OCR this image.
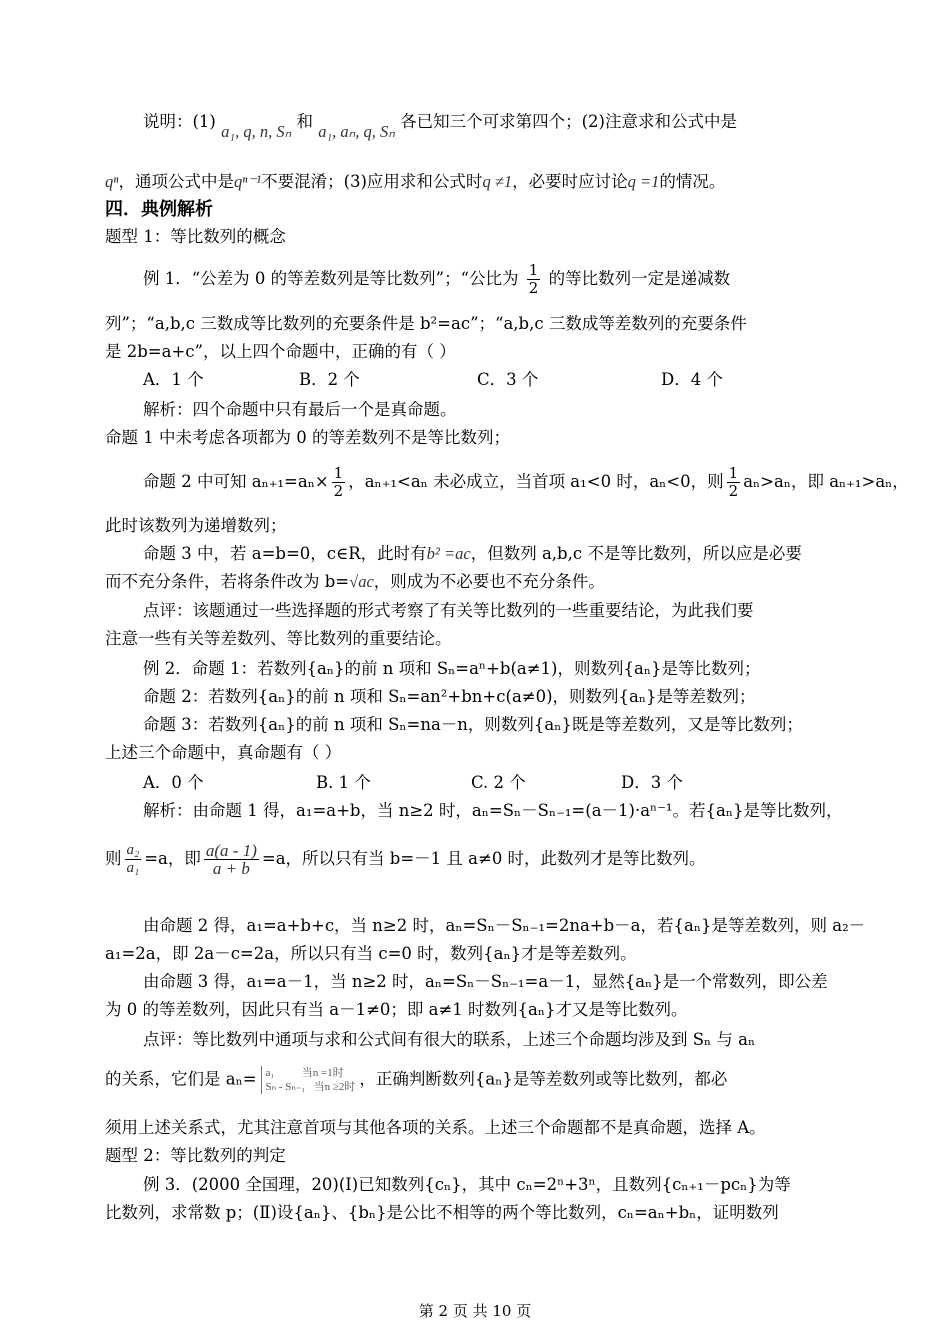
说明：(1) a₁, q, n, Sₙ 和 a₁, aₙ, q, Sₙ 各已知三个可求第四个；(2)注意求和公式中是
qⁿ，通项公式中是qⁿ⁻¹不要混淆；(3)应用求和公式时q ≠1，必要时应讨论q =1的情况。
四．典例解析
题型 1：等比数列的概念
例 1．“公差为 0 的等差数列是等比数列”；“公比为 $\frac{1}{2}$ 的等比数列一定是递减数
列”；“a,b,c 三数成等比数列的充要条件是 b²=ac”；“a,b,c 三数成等差数列的充要条件
是 2b=a+c”，以上四个命题中，正确的有（ ）
A．1 个	B．2 个	C．3 个	D．4 个
解析：四个命题中只有最后一个是真命题。
命题 1 中未考虑各项都为 0 的等差数列不是等比数列；
命题 2 中可知 $a_{n+1}=a_n\times \frac{1}{2}$ ，aₙ₊₁<aₙ 未必成立，当首项 a₁<0 时，aₙ<0，则 $\frac{1}{2} a_n>a_n$，即 aₙ₊₁>aₙ，
此时该数列为递增数列；
命题 3 中，若 a=b=0，c∈R，此时有b² =ac，但数列 a,b,c 不是等比数列，所以应是必要
而不充分条件，若将条件改为 b=√ac，则成为不必要也不充分条件。
点评：该题通过一些选择题的形式考察了有关等比数列的一些重要结论，为此我们要
注意一些有关等差数列、等比数列的重要结论。
例 2．命题 1：若数列{aₙ}的前 n 项和 Sₙ=aⁿ+b(a≠1)，则数列{aₙ}是等比数列；
命题 2：若数列{aₙ}的前 n 项和 Sₙ=an²+bn+c(a≠0)，则数列{aₙ}是等差数列；
命题 3：若数列{aₙ}的前 n 项和 Sₙ=na－n，则数列{aₙ}既是等差数列，又是等比数列；
上述三个命题中，真命题有（ ）
A．0 个	B. 1 个	C. 2 个	D．3 个
解析：由命题 1 得，a₁=a+b，当 n≥2 时，aₙ=Sₙ－Sₙ₋₁=(a－1)·aⁿ⁻¹。若{aₙ}是等比数列，
则 $\frac{\text{a₂}}{\text{a₁}} =a$，即 $\frac{a(a - 1)}{a + b} =a$，所以只有当 b=－1 且 a≠0 时，此数列才是等比数列。
由命题 2 得，a₁=a+b+c，当 n≥2 时，aₙ=Sₙ－Sₙ₋₁=2na+b－a，若{aₙ}是等差数列，则 a₂－
a₁=2a，即 2a－c=2a，所以只有当 c=0 时，数列{aₙ}才是等差数列。
由命题 3 得，a₁=a－1，当 n≥2 时，aₙ=Sₙ－Sₙ₋₁=a－1，显然{aₙ}是一个常数列，即公差
为 0 的等差数列，因此只有当 a－1≠0；即 a≠1 时数列{aₙ}才又是等比数列。
点评：等比数列中通项与求和公式间有很大的联系，上述三个命题均涉及到 Sₙ 与 aₙ
的关系，它们是 aₙ= a₁          当n =1时
Sₙ - Sₙ₋₁   当n ≥2时 ，正确判断数列{aₙ}是等差数列或等比数列，都必
须用上述关系式，尤其注意首项与其他各项的关系。上述三个命题都不是真命题，选择 A。
题型 2：等比数列的判定
例 3．(2000 全国理，20)(Ⅰ)已知数列{cₙ}，其中 cₙ=2ⁿ+3ⁿ，且数列{cₙ₊₁－pcₙ}为等
比数列，求常数 p；(Ⅱ)设{aₙ}、{bₙ}是公比不相等的两个等比数列，cₙ=aₙ+bₙ，证明数列
第 2 页 共 10 页
